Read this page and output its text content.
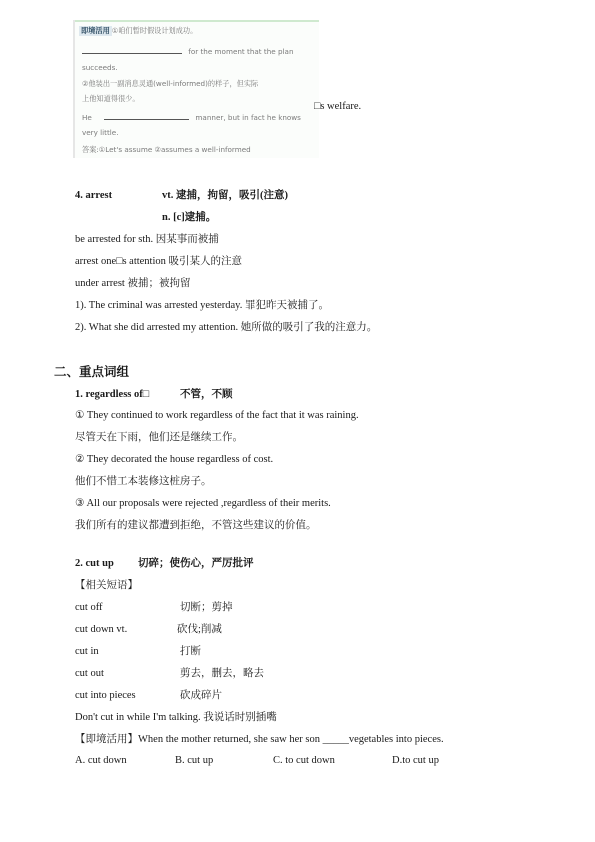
即境活用 ①咱们暂时假设计划成功。
for the moment that the plan
succeeds.
②他装出一副消息灵通(well-informed)的样子，但实际
上他知道得很少。
He	manner, but in fact he knows
very little.
答案:①Let's assume ②assumes a well-informed
□s welfare.
4. arrest	vt. 逮捕，拘留，吸引(注意)
n. [c]逮捕。
be arrested for sth. 因某事而被捕
arrest one□s attention 吸引某人的注意
under arrest 被捕；被拘留
1). The criminal was arrested yesterday. 罪犯昨天被捕了。
2). What she did arrested my attention. 她所做的吸引了我的注意力。
二、重点词组
1. regardless of□	不管，不顾
① They continued to work regardless of the fact that it was raining.
尽管天在下雨，他们还是继续工作。
② They decorated the house regardless of cost.
他们不惜工本装修这桩房子。
③ All our proposals were rejected ,regardless of their merits.
我们所有的建议都遭到拒绝，不管这些建议的价值。
2. cut up 切碎；使伤心，严厉批评
【相关短语】
cut off	切断；剪掉
cut down vt.	砍伐;削减
cut in	打断
cut out	剪去，删去，略去
cut into pieces	砍成碎片
Don't cut in while I'm talking. 我说话时别插嘴
【即境活用】When the mother returned, she saw her son _____vegetables into pieces.
A. cut down	B. cut up	C. to cut down	D.to cut up
